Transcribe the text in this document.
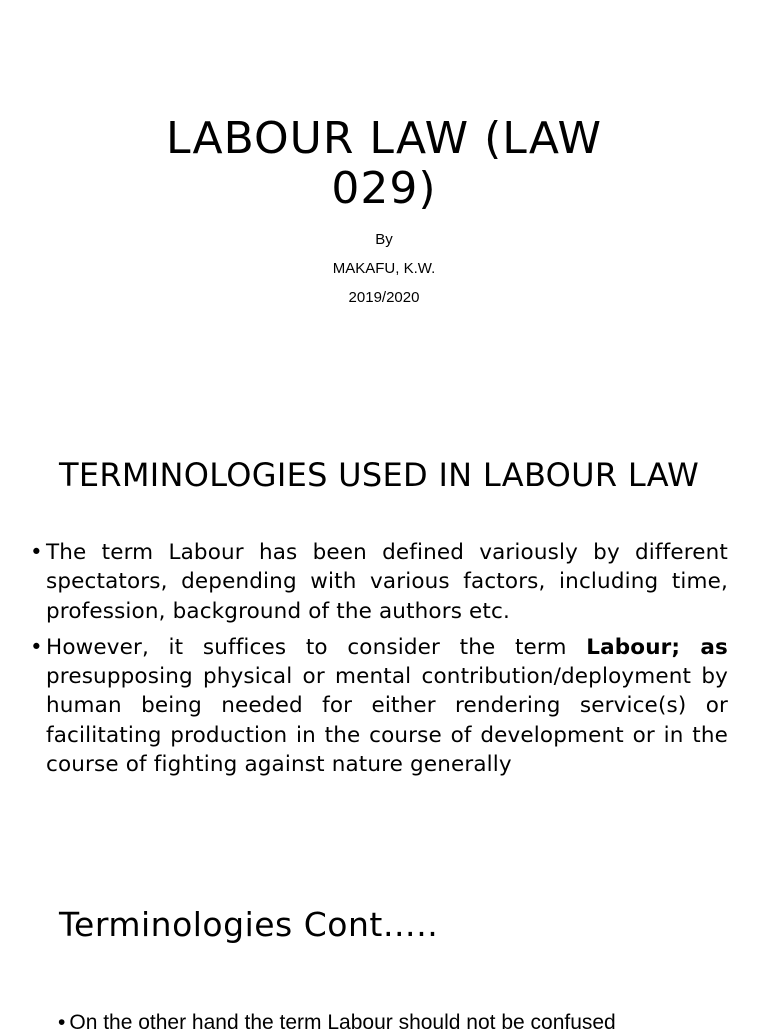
LABOUR LAW (LAW 029)
By
MAKAFU, K.W.
2019/2020
TERMINOLOGIES USED IN LABOUR LAW
• The term Labour has been defined variously by different spectators, depending with various factors, including time, profession, background of the authors etc.
• However, it suffices to consider the term Labour; as presupposing physical or mental contribution/deployment by human being needed for either rendering service(s) or facilitating production in the course of development or in the course of fighting against nature generally
Terminologies Cont…..
• On the other hand the term Labour should not be confused
